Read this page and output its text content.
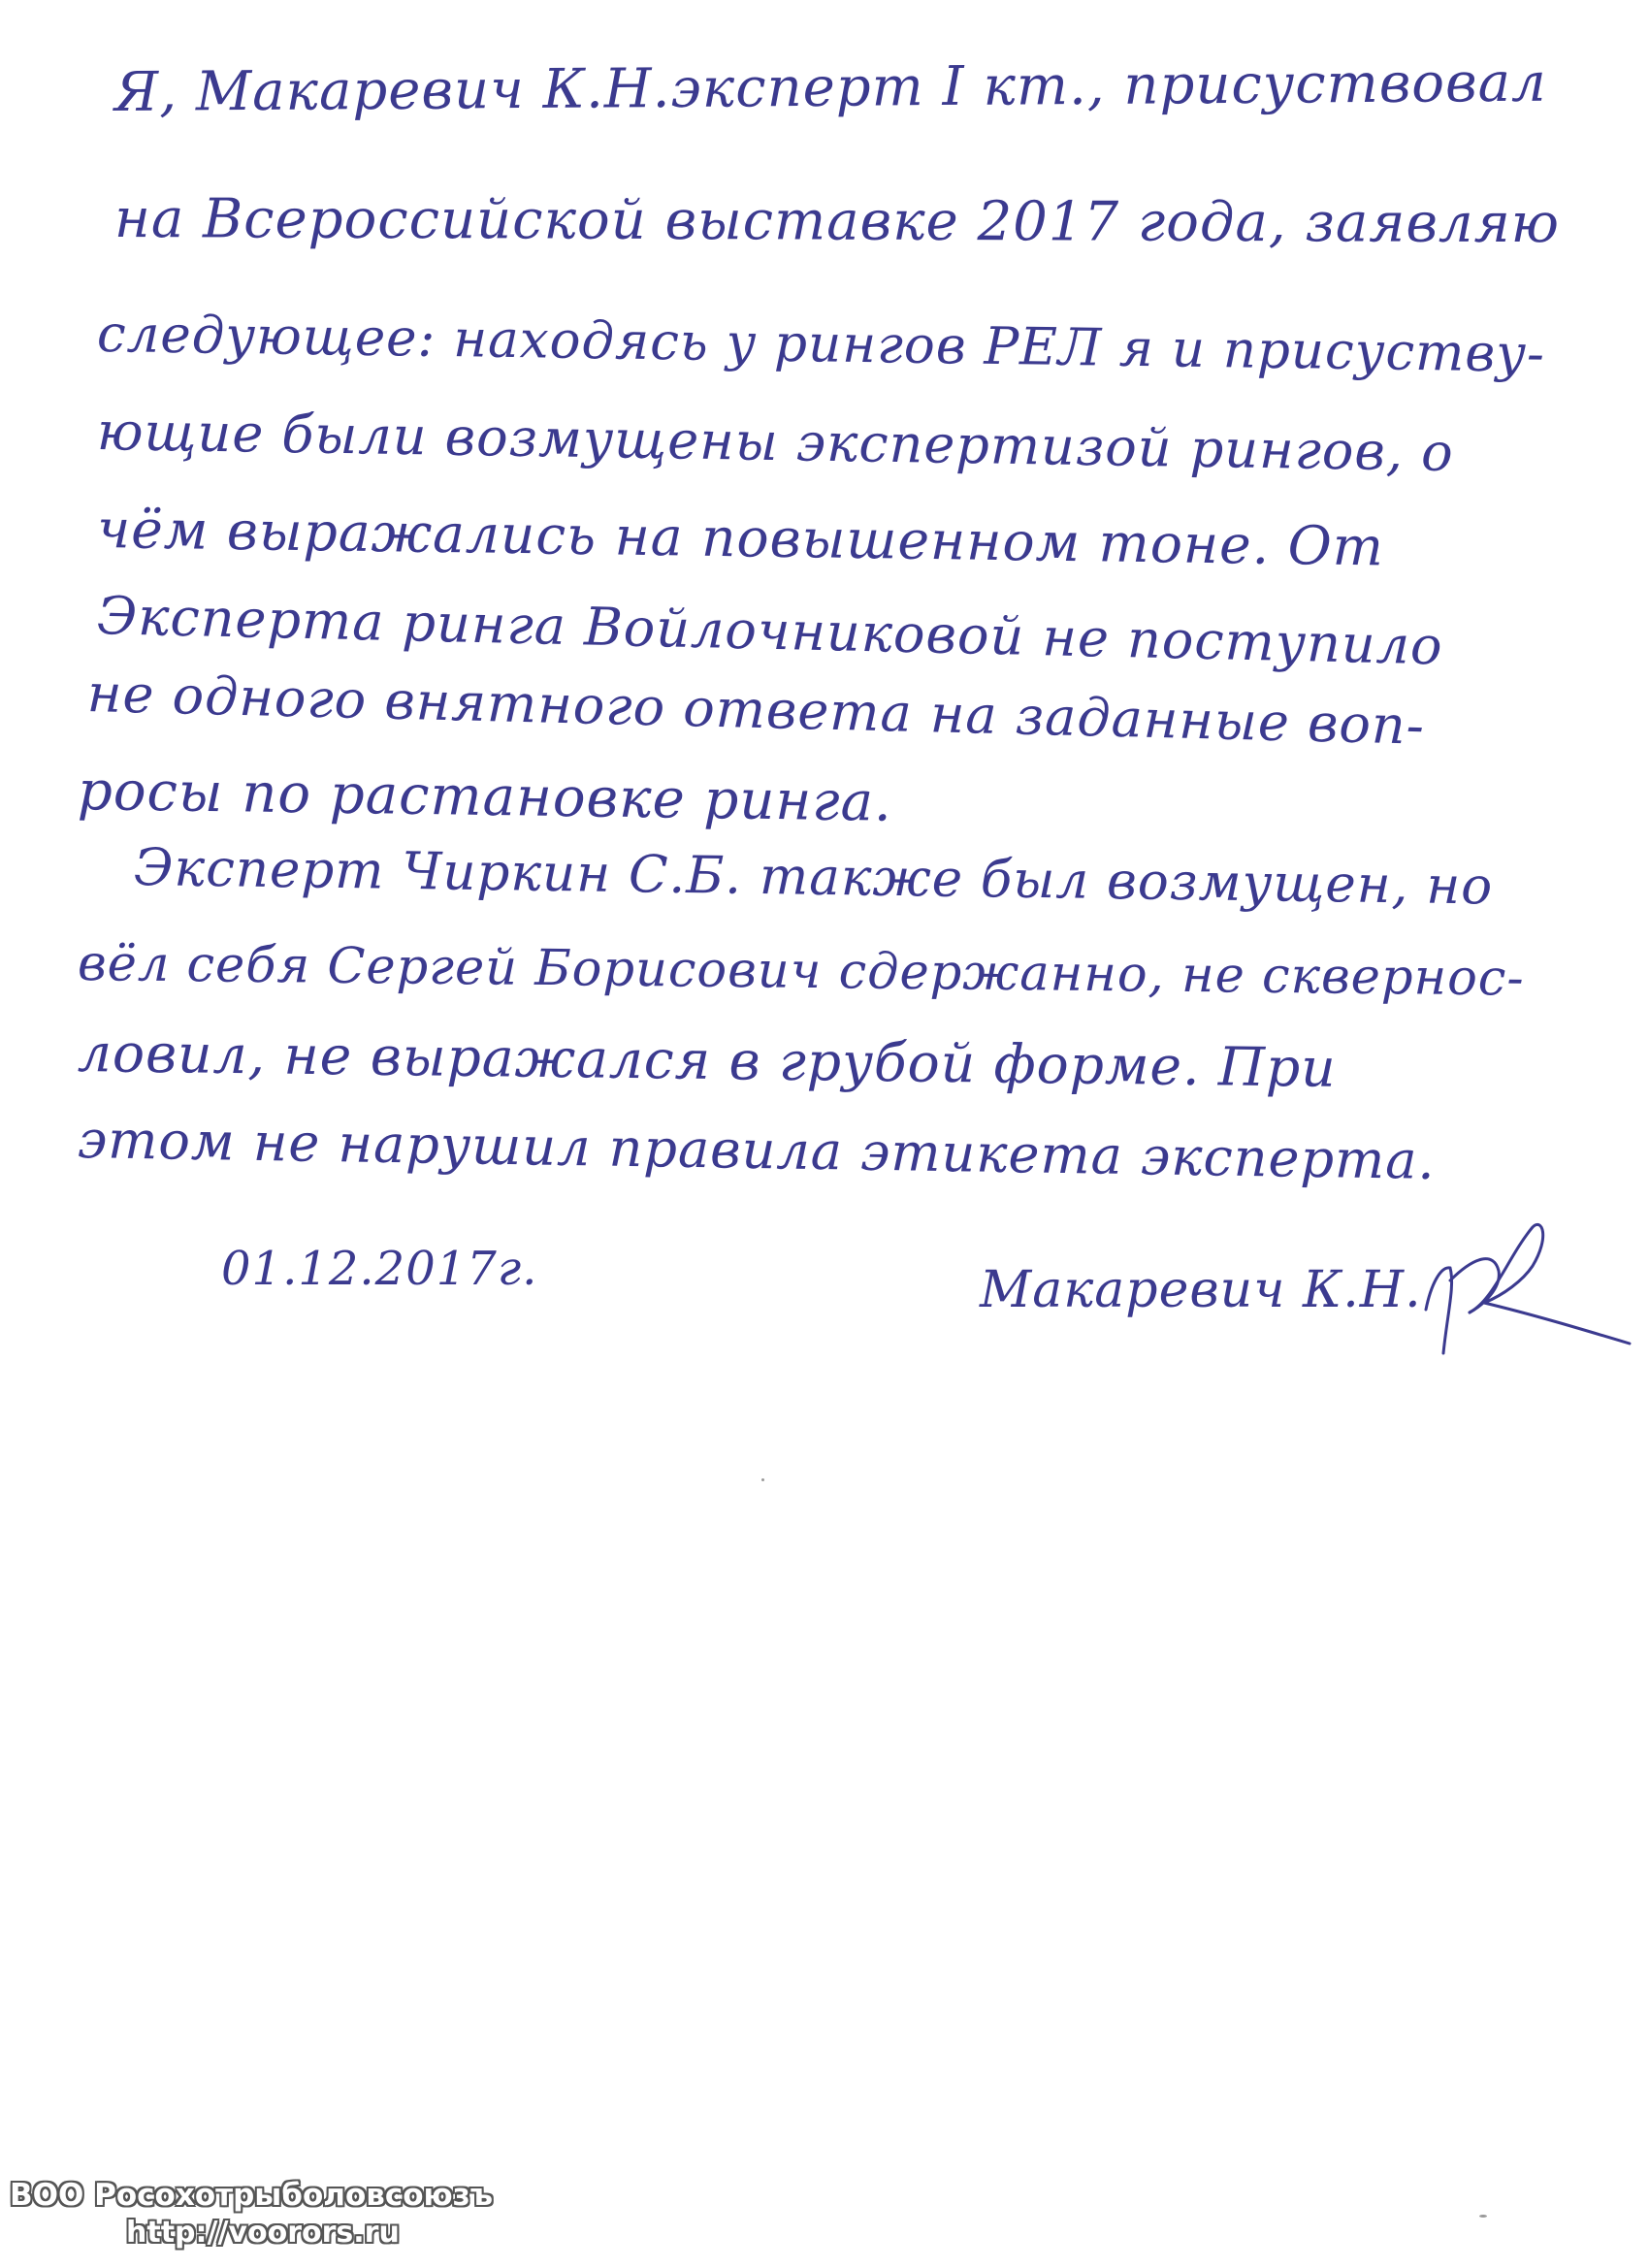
Я, Макаревич К.Н.эксперт I кт., присуствовал
на Всероссийской выставке 2017 года, заявляю
следующее: находясь у рингов РЕЛ я и присуству-
ющие были возмущены экспертизой рингов, о
чём выражались на повышенном тоне. От
Эксперта ринга Войлочниковой не поступило
не одного внятного ответа на заданные воп-
росы по растановке ринга.
Эксперт Чиркин С.Б. также был возмущен, но
вёл себя Сергей Борисович сдержанно, не сквернос-
ловил, не выражался в грубой форме. При
этом не нарушил правила этикета эксперта.
01.12.2017г.	Макаревич К.Н.
ВОО Росохотрыболовсоюзъ
http://voorors.ru
